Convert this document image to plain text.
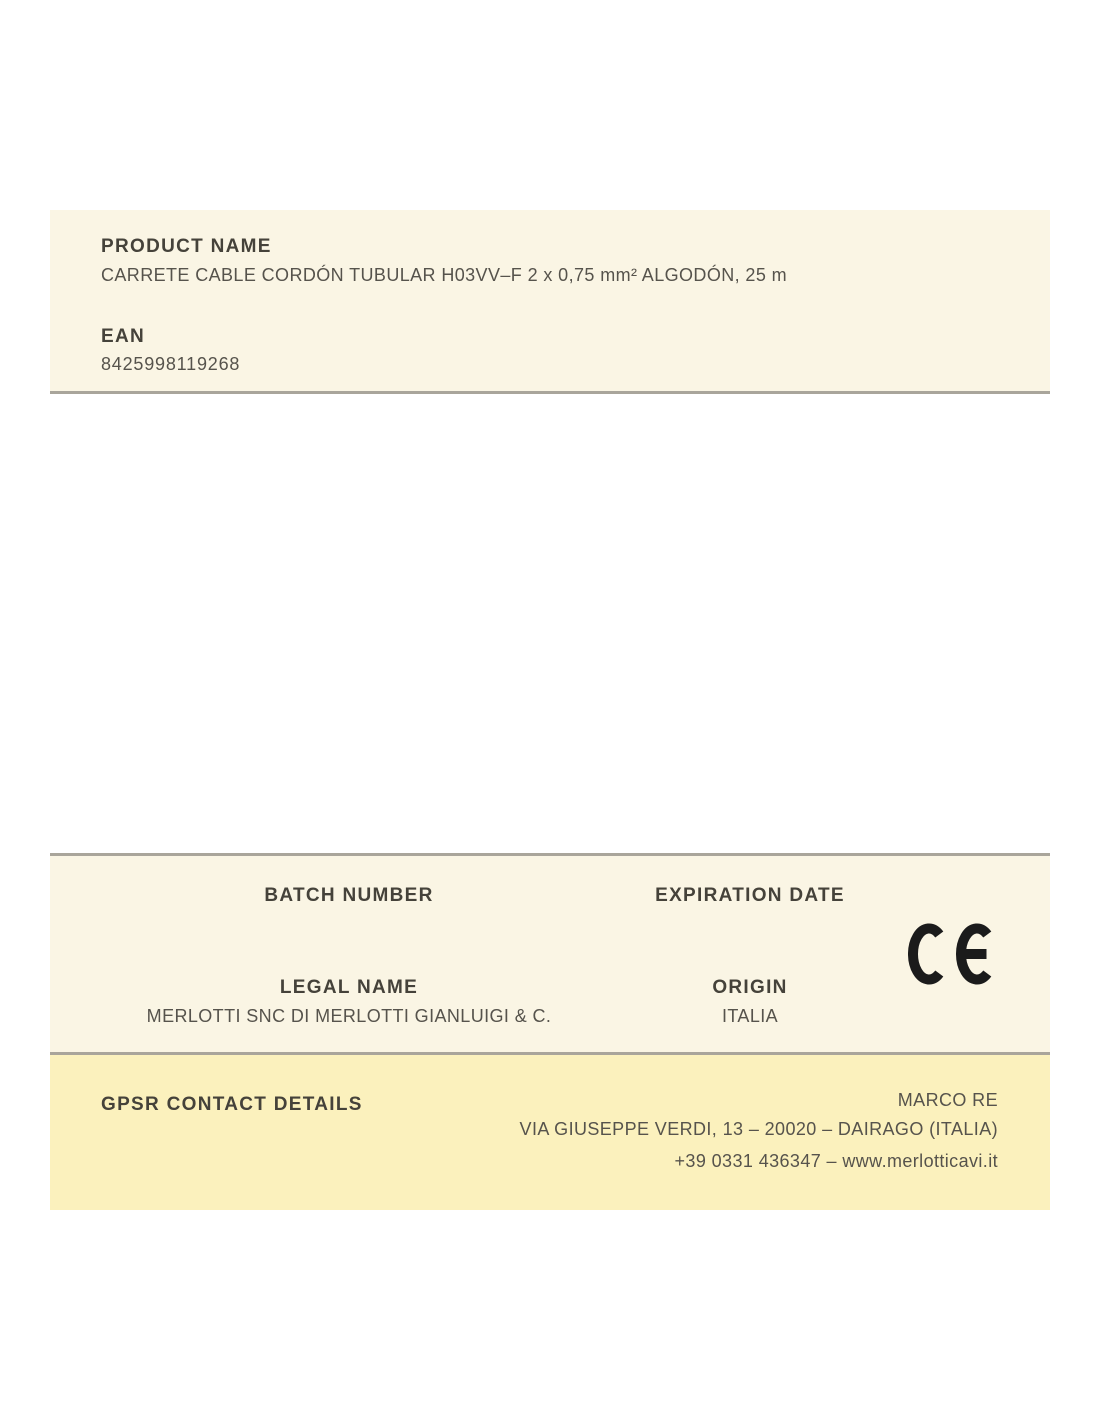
PRODUCT NAME
CARRETE CABLE CORDÓN TUBULAR H03VV–F 2 x 0,75 mm² ALGODÓN, 25 m
EAN
8425998119268
BATCH NUMBER	EXPIRATION DATE
LEGAL NAME
MERLOTTI SNC DI MERLOTTI GIANLUIGI & C.
ORIGIN
ITALIA
GPSR CONTACT DETAILS	MARCO RE
VIA GIUSEPPE VERDI, 13 – 20020 – DAIRAGO (ITALIA)
+39 0331 436347 – www.merlotticavi.it
